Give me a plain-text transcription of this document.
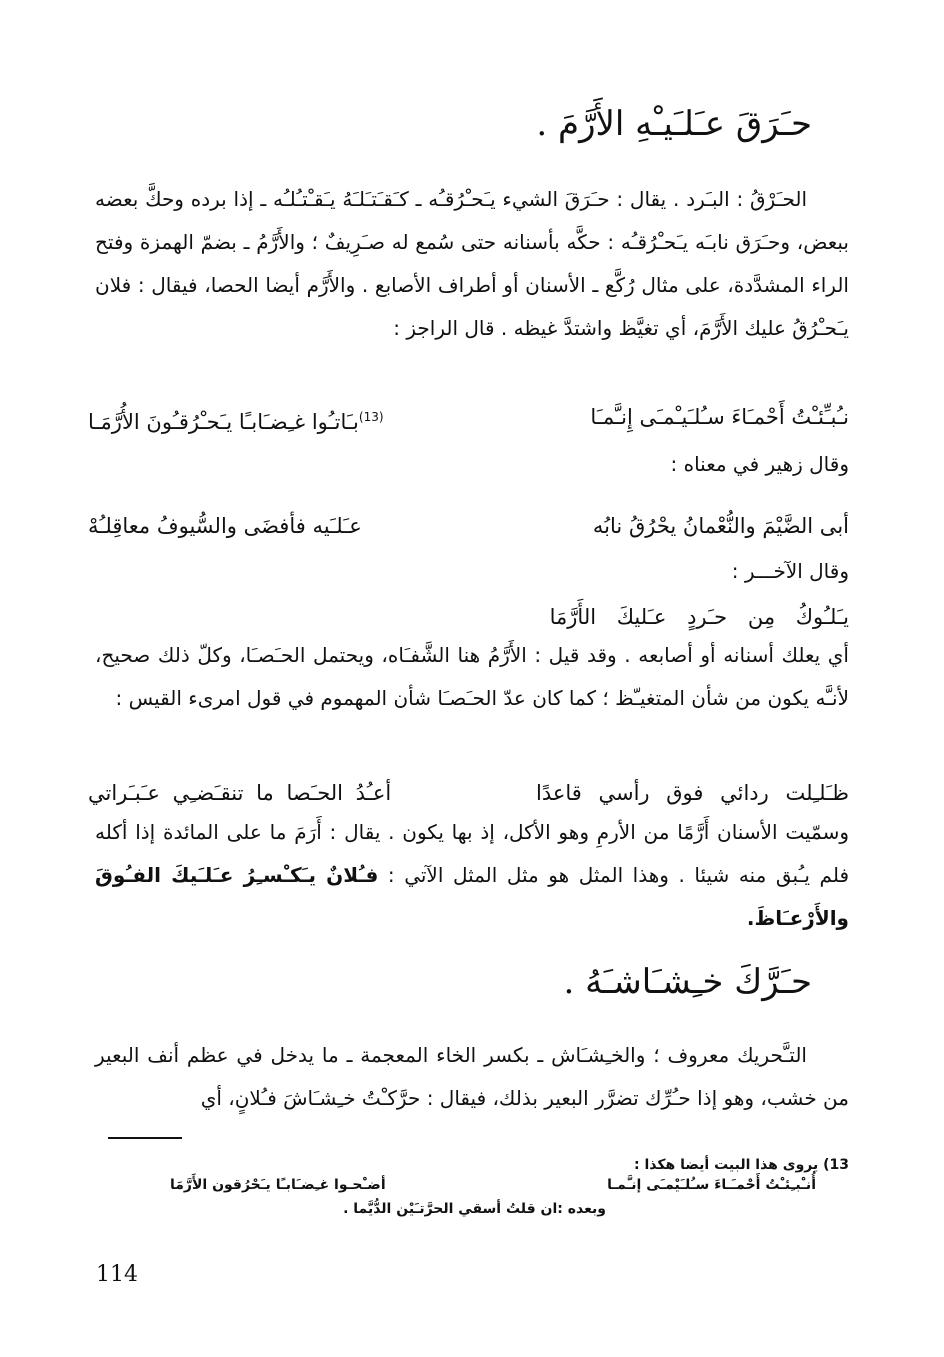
حـَرَقَ عـَلـَيـْهِ الأَرَّمَ .
الحـَرْقُ : البـَرد . يقال : حـَرَقَ الشيء يـَحـْرُقـُه ـ كـَقـَتـَلـَهُ يـَقـْتـُلـُه ـ إذا برده وحكَّ بعضه ببعض، وحـَرَق نابـَه يـَحـْرُقـُه : حكَّه بأسنانه حتى سُمع له صـَرِيفٌ ؛ والأَرَّمُ ـ بضمّ الهمزة وفتح الراء المشدَّدة، على مثال رُكَّع ـ الأسنان أو أطراف الأصابع . والأَرَّم أيضا الحصا، فيقال : فلان يـَحـْرُقُ عليك الأَرَّمَ، أي تغيَّظ واشتدَّ غيظه . قال الراجز :
نـُبـِّئـْتُ أَحْمـَاءَ سـُلـَيـْمـَى إِنـَّمـَا
$^{(13)}$بـَاتـُوا غـِضـَابـًا يـَحـْرُقـُونَ الأُرَّمَـا
وقال زهير في معناه :
أبى الضَّيْمَ والنُّعْمانُ يحْرُقُ نابُه
عـَلـَيه فأفضَى والسُّيوفُ معاقِلـُهْ
وقال الآخـــر :
يـَلـُوكُ مِن حـَردٍ عـَليكَ الأَرَّمَا
أي يعلك أسنانه أو أصابعه . وقد قيل : الأَرَّمُ هنا الشَّفـَاه، ويحتمل الحـَصـَا، وكلّ ذلك صحيح، لأنـَّه يكون من شأن المتغيـّظ ؛ كما كان عدّ الحـَصـَا شأن المهموم في قول امرىء القيس :
ظـَلـِلت ردائي فوق رأسي قاعدًا
أعـُدُ الحـَصا ما تنقـَضـِي عـَبـَراتي
وسمّيت الأسنان أَرَّمًا من الأرمِ وهو الأكل، إذ بها يكون . يقال : أَرَمَ ما على المائدة إذا أكله فلم يـُبق منه شيئا . وهذا المثل هو مثل المثل الآتي : فـُلانٌ يـَكـْسـِرُ عـَلـَيكَ الفـُوقَ والأَرْعـَاظَ.
حـَرَّكَ خـِشـَاشـَهُ .
التـَّحريك معروف ؛ والخـِشـَاش ـ بكسر الخاء المعجمة ـ ما يدخل في عظم أنف البعير من خشب، وهو إذا حـُرِّك تضرَّر البعير بذلك، فيقال : حرَّكـْتُ خـِشـَاشَ فـُلانٍ، أي
13) يروى هذا البيت أيضا هكذا :
أُنـْبـِئـْتُ أَحْمـَـاءَ سـُلـَيْمـَى إنـَّمـا
أضـْحـوا غـِضـَابـًا يـَحْرُقون الأَرَّمَا
وبعده :ان قلتُ أسقي الحرَّتـَيْن الدُّيَّما .
114
